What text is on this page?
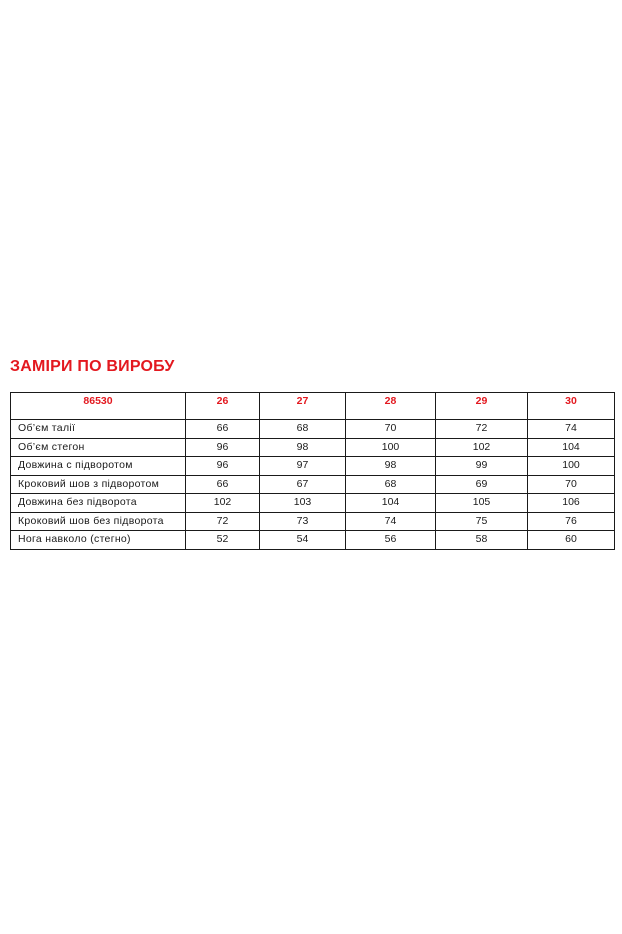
ЗАМІРИ ПО ВИРОБУ
86530	26	27	28	29	30
Об’єм талії	66	68	70	72	74
Об’єм стегон	96	98	100	102	104
Довжина с підворотом	96	97	98	99	100
Кроковий шов з підворотом	66	67	68	69	70
Довжина без підворота	102	103	104	105	106
Кроковий шов без підворота	72	73	74	75	76
Нога навколо (стегно)	52	54	56	58	60
